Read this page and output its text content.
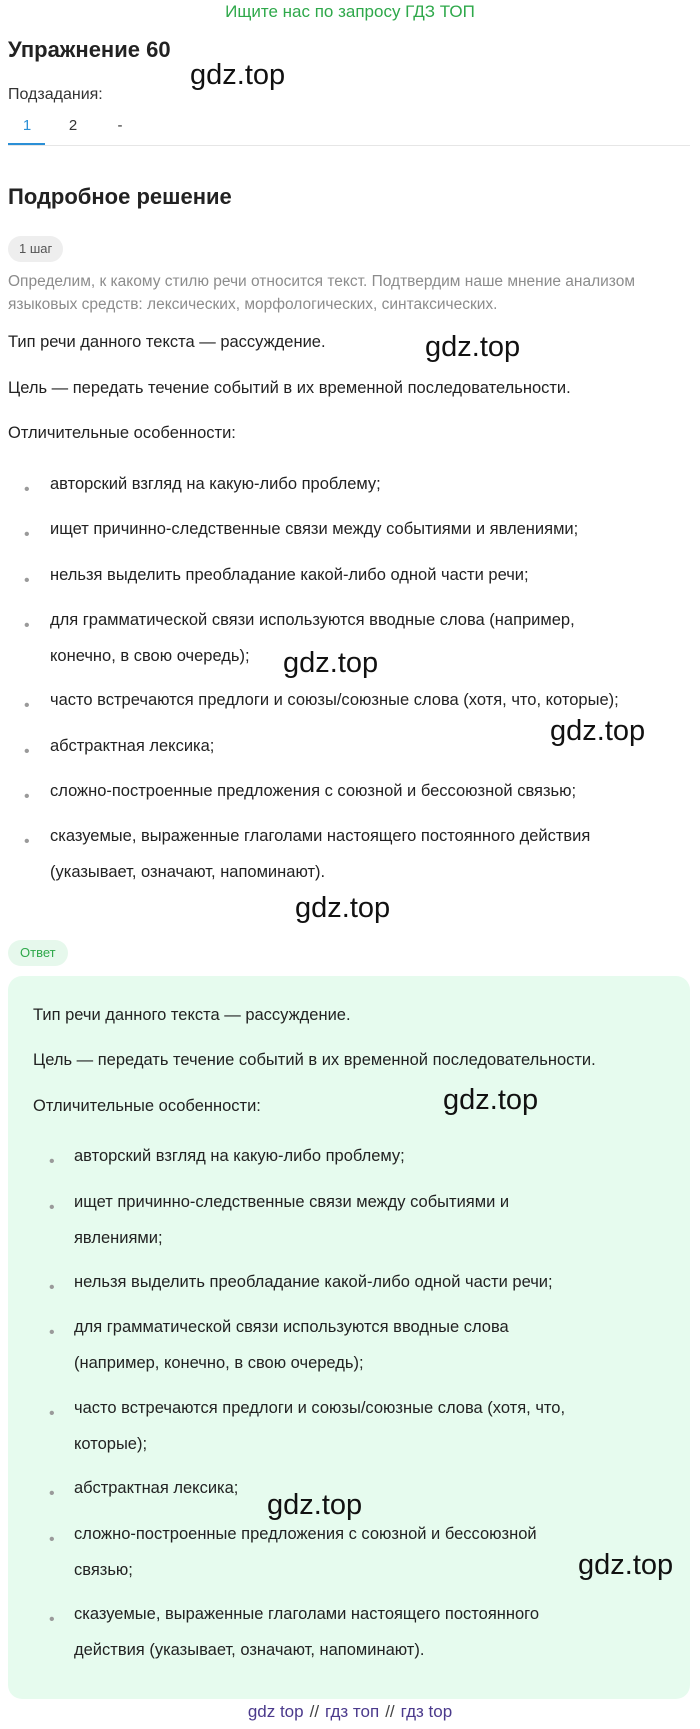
Ищите нас по запросу ГДЗ ТОП
Упражнение 60
gdz.top
Подзадания:
1	2	-
Подробное решение
1 шаг
Определим, к какому стилю речи относится текст. Подтвердим наше мнение анализом языковых средств: лексических, морфологических, синтаксических.
Тип речи данного текста — рассуждение.	gdz.top
Цель — передать течение событий в их временной последовательности.
Отличительные особенности:
• авторский взгляд на какую-либо проблему;
• ищет причинно-следственные связи между событиями и явлениями;
• нельзя выделить преобладание какой-либо одной части речи;
• для грамматической связи используются вводные слова (например,
конечно, в свою очередь); gdz.top
• часто встречаются предлоги и союзы/союзные слова (хотя, что, которые);
gdz.top
• абстрактная лексика;
• сложно-построенные предложения с союзной и бессоюзной связью;
• сказуемые, выраженные глаголами настоящего постоянного действия
(указывает, означают, напоминают).
gdz.top
Ответ
Тип речи данного текста — рассуждение.
Цель — передать течение событий в их временной последовательности.
Отличительные особенности:	gdz.top
• авторский взгляд на какую-либо проблему;
• ищет причинно-следственные связи между событиями и
явлениями;
• нельзя выделить преобладание какой-либо одной части речи;
• для грамматической связи используются вводные слова
(например, конечно, в свою очередь);
• часто встречаются предлоги и союзы/союзные слова (хотя, что,
которые);
• абстрактная лексика;
gdz.top
• сложно-построенные предложения с союзной и бессоюзной
связью;	gdz.top
• сказуемые, выраженные глаголами настоящего постоянного
действия (указывает, означают, напоминают).
gdz top // гдз топ // гдз top
